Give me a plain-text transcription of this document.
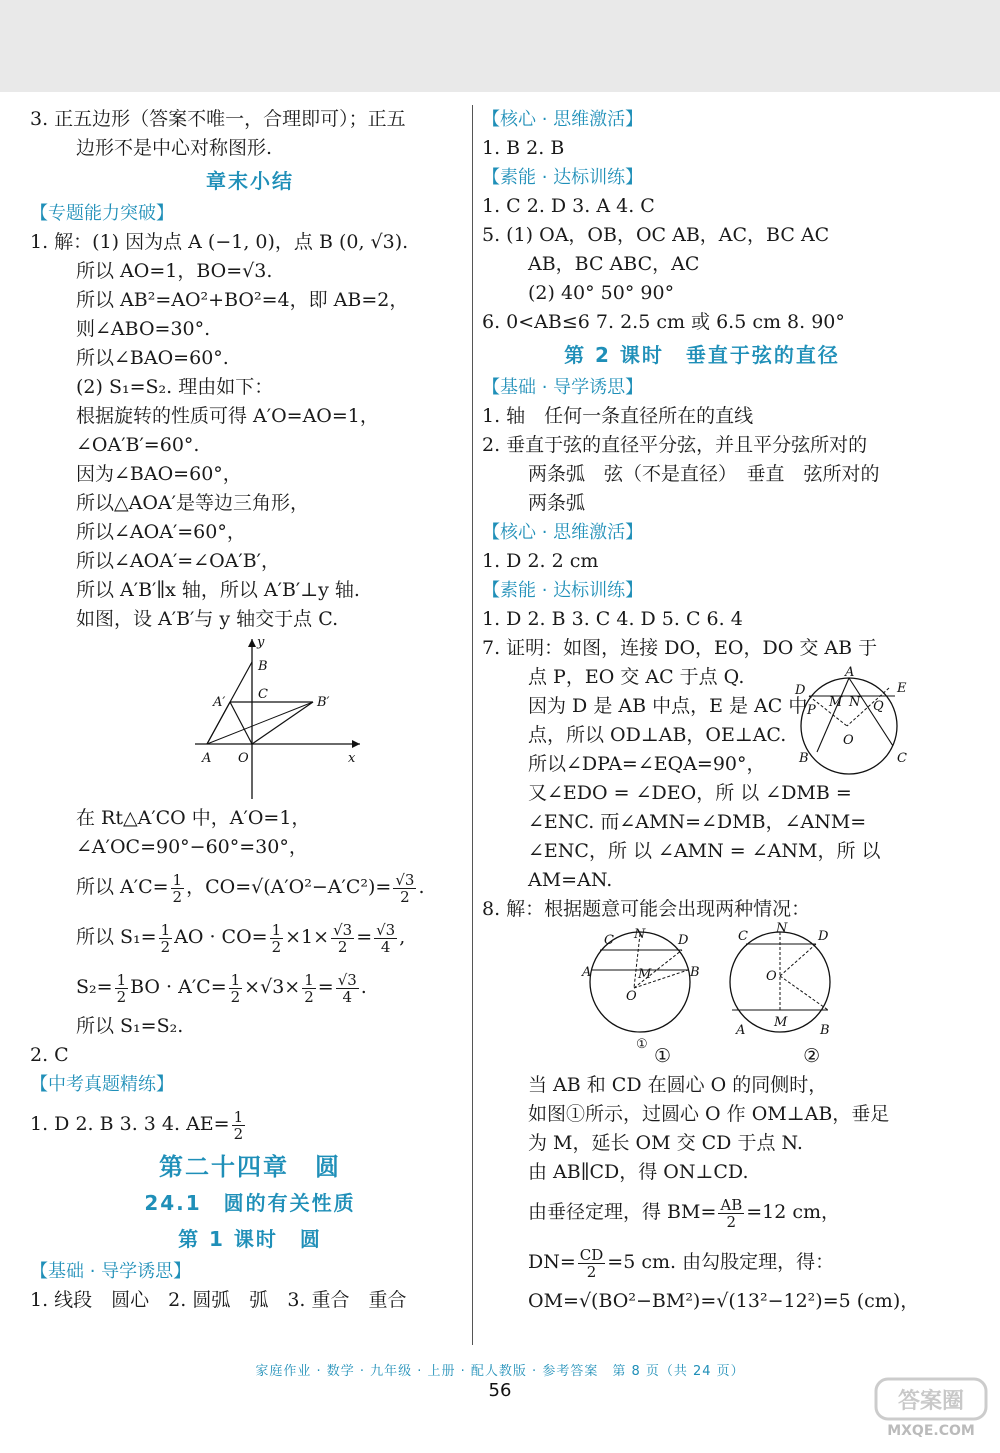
3. 正五边形（答案不唯一，合理即可）；正五
边形不是中心对称图形.
章末小结
【专题能力突破】
1. 解：(1) 因为点 A (−1, 0)，点 B (0, √3).
所以 AO=1，BO=√3.
所以 AB²=AO²+BO²=4，即 AB=2，
则∠ABO=30°.
所以∠BAO=60°.
(2) S₁=S₂. 理由如下：
根据旋转的性质可得 A′O=AO=1，
∠OA′B′=60°.
因为∠BAO=60°，
所以△AOA′是等边三角形，
所以∠AOA′=60°，
所以∠AOA′=∠OA′B′，
所以 A′B′∥x 轴，所以 A′B′⊥y 轴.
如图，设 A′B′与 y 轴交于点 C.
y
B
C
A′	B′
A O	x
在 Rt△A′CO 中，A′O=1，
∠A′OC=90°−60°=30°，
所以 $A'C= \frac{1}{2}$ ，$CO=√(A'O^2-A'C^2)= \frac{√3}{2}$ .
所以 $S_1= \frac{1}{2}$ AO · $CO= \frac{1}{2} \times 1\times \frac{√3}{2} = \frac{√3}{4}$ ,
$S_2= \frac{1}{2}$ BO · $A'C= \frac{1}{2} \times√3\times \frac{1}{2} = \frac{√3}{4}$ .
所以 S₁=S₂.
2. C
【中考真题精练】
1. D 2. B 3. 3 4. $AE= \frac{1}{2}$
第二十四章　圆
24.1　圆的有关性质
第 1 课时　圆
【基础 · 导学诱思】
1. 线段　圆心　2. 圆弧　弧　3. 重合　重合
【核心 · 思维激活】
1. B 2. B
【素能 · 达标训练】
1. C 2. D 3. A 4. C
5. (1) OA，OB，OC AB，AC，BC AC
AB，BC ABC，AC
(2) 40° 50° 90°
6. 0<AB≤6 7. 2.5 cm 或 6.5 cm 8. 90°
第 2 课时　垂直于弦的直径
【基础 · 导学诱思】
1. 轴　任何一条直径所在的直线
2. 垂直于弦的直径平分弦，并且平分弦所对的
两条弧　弦（不是直径）　垂直　弦所对的
两条弧
【核心 · 思维激活】
1. D 2. 2 cm
【素能 · 达标训练】
1. D 2. B 3. C 4. D 5. C 6. 4
7. 证明：如图，连接 DO，EO，DO 交 AB 于
点 P，EO 交 AC 于点 Q.	A
D	E
P
M N Q
O
B	C
因为 D 是 AB 中点，E 是 AC 中
点，所以 OD⊥AB，OE⊥AC.
所以∠DPA=∠EQA=90°，
又∠EDO = ∠DEO，所 以 ∠DMB =
∠ENC. 而∠AMN=∠DMB，∠ANM=
∠ENC，所 以 ∠AMN = ∠ANM，所 以
AM=AN.
8. 解：根据题意可能会出现两种情况：
C N	D
A	M	B
O
①
C
N
D
O
M
A	B
①	②
当 AB 和 CD 在圆心 O 的同侧时，
如图①所示，过圆心 O 作 OM⊥AB，垂足
为 M，延长 OM 交 CD 于点 N.
由 AB∥CD，得 ON⊥CD.
由垂径定理，得 $BM= \frac{AB}{2} =12$ cm，
$DN= \frac{CD}{2} =5$ cm. 由勾股定理，得：
OM=√(BO²−BM²)=√(13²−12²)=5 (cm)，
家庭作业 · 数学 · 九年级 · 上册 · 配人教版 · 参考答案　第 8 页（共 24 页）
56	答案圈
MXQE.COM
